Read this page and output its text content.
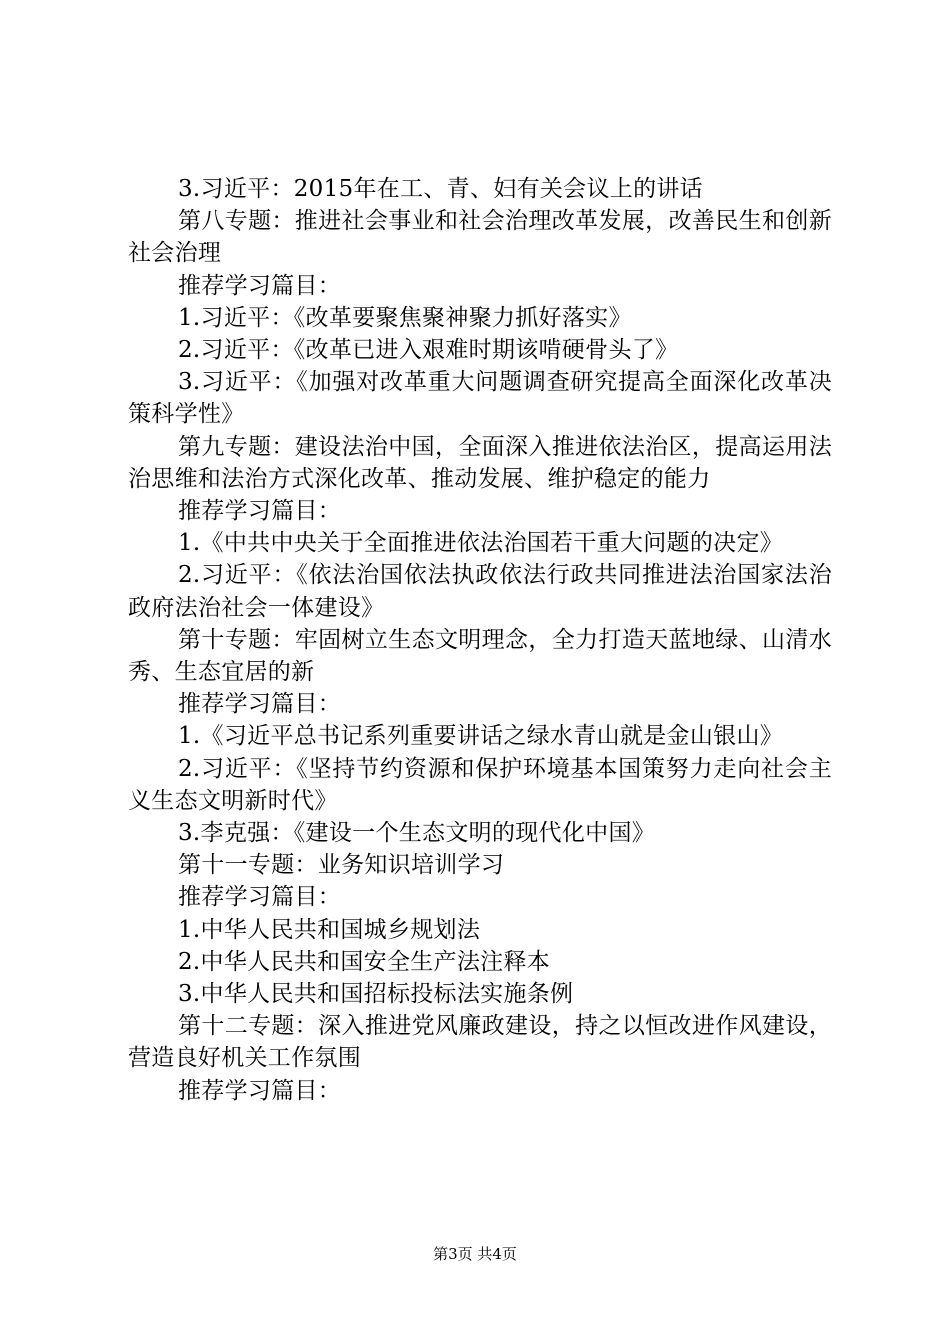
3.习近平：2015年在工、青、妇有关会议上的讲话

第八专题：推进社会事业和社会治理改革发展，改善民生和创新社会治理

推荐学习篇目：

1.习近平：《改革要聚焦聚神聚力抓好落实》

2.习近平：《改革已进入艰难时期该啃硬骨头了》

3.习近平：《加强对改革重大问题调查研究提高全面深化改革决策科学性》

第九专题：建设法治中国，全面深入推进依法治区，提高运用法治思维和法治方式深化改革、推动发展、维护稳定的能力

推荐学习篇目：

1.《中共中央关于全面推进依法治国若干重大问题的决定》

2.习近平：《依法治国依法执政依法行政共同推进法治国家法治政府法治社会一体建设》

第十专题：牢固树立生态文明理念，全力打造天蓝地绿、山清水秀、生态宜居的新

推荐学习篇目：

1.《习近平总书记系列重要讲话之绿水青山就是金山银山》

2.习近平：《坚持节约资源和保护环境基本国策努力走向社会主义生态文明新时代》

3.李克强：《建设一个生态文明的现代化中国》

第十一专题：业务知识培训学习

推荐学习篇目：

1.中华人民共和国城乡规划法

2.中华人民共和国安全生产法注释本

3.中华人民共和国招标投标法实施条例

第十二专题：深入推进党风廉政建设，持之以恒改进作风建设，营造良好机关工作氛围

推荐学习篇目：

第3页 共4页
